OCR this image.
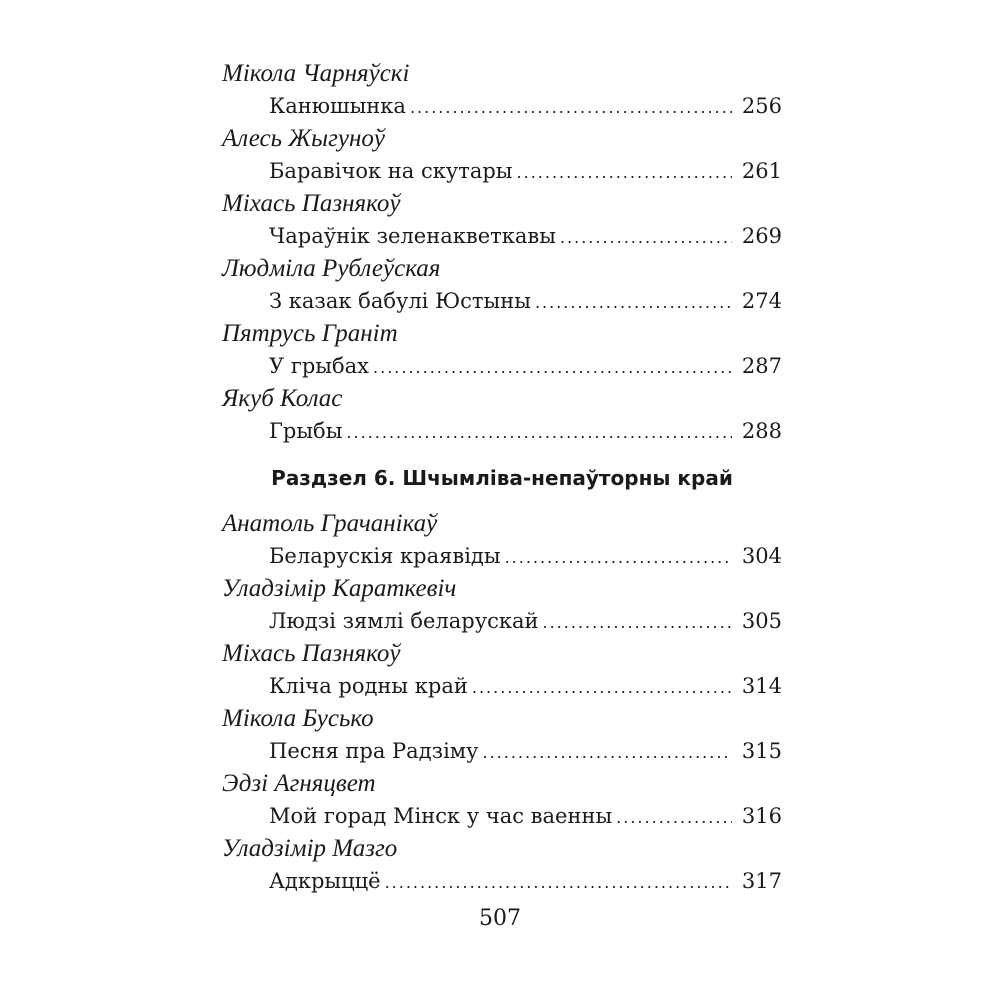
Мікола Чарняўскі
Канюшынка .....	256
Алесь Жыгуноў
Баравічок на скутары .....	261
Міхась Пазнякоў
Чараўнік зеленакветкавы .....	269
Людміла Рублеўская
З казак бабулі Юстыны .....	274
Пятрусь Граніт
У грыбах .....	287
Якуб Колас
Грыбы .....	288
Раздзел 6. Шчымліва-непаўторны край
Анатоль Грачанікаў
Беларускія краявіды .....	304
Уладзімір Караткевіч
Людзі зямлі беларускай .....	305
Міхась Пазнякоў
Кліча родны край .....	314
Мікола Бусько
Песня пра Радзіму .....	315
Эдзі Агняцвет
Мой горад Мінск у час ваенны .....	316
Уладзімір Мазго
Адкрыццё .....	317
507
